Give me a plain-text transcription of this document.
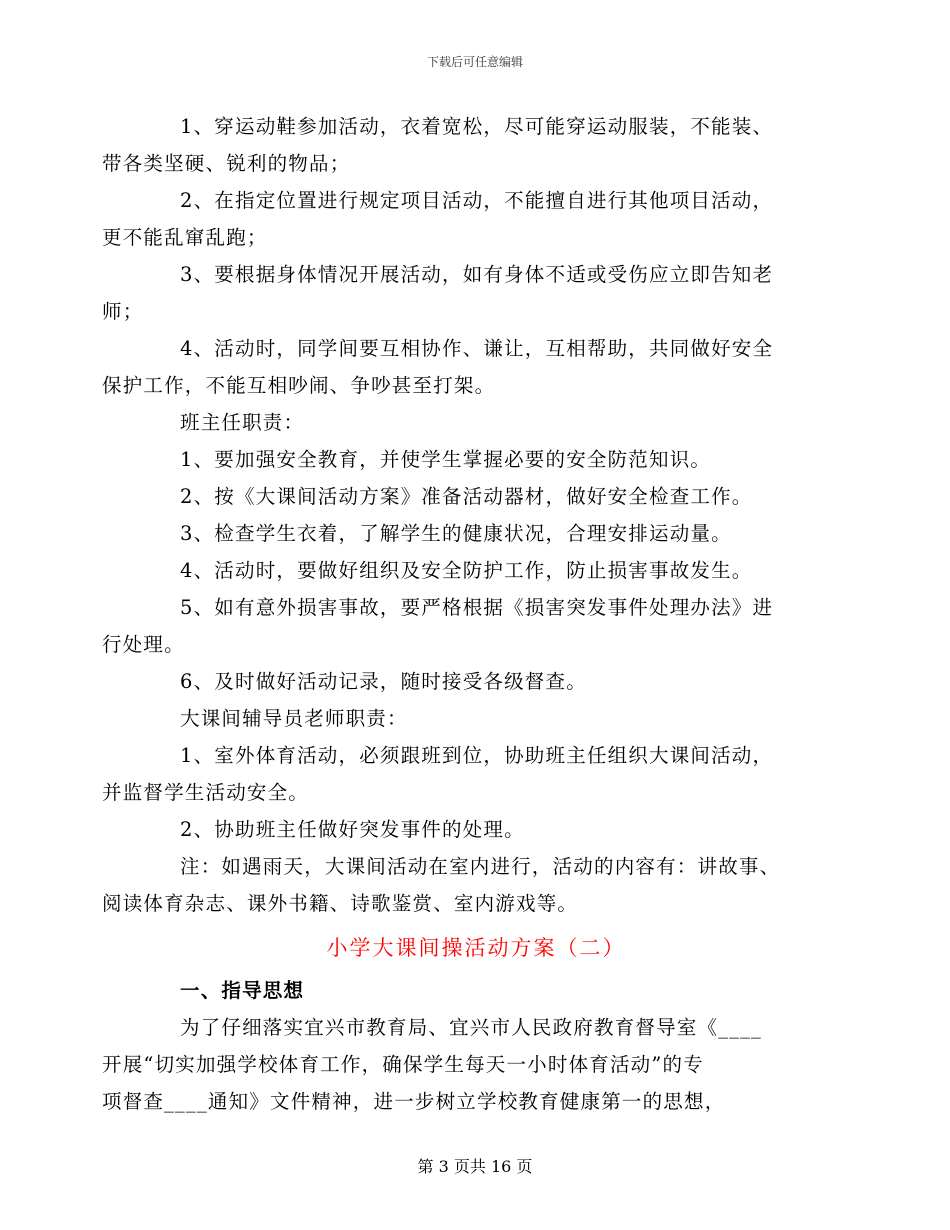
下载后可任意编辑

1、穿运动鞋参加活动，衣着宽松，尽可能穿运动服装，不能装、
带各类坚硬、锐利的物品；

2、在指定位置进行规定项目活动，不能擅自进行其他项目活动，
更不能乱窜乱跑；

3、要根据身体情况开展活动，如有身体不适或受伤应立即告知老
师；

4、活动时，同学间要互相协作、谦让，互相帮助，共同做好安全
保护工作，不能互相吵闹、争吵甚至打架。

班主任职责：

1、要加强安全教育，并使学生掌握必要的安全防范知识。

2、按《大课间活动方案》准备活动器材，做好安全检查工作。

3、检查学生衣着，了解学生的健康状况，合理安排运动量。

4、活动时，要做好组织及安全防护工作，防止损害事故发生。

5、如有意外损害事故，要严格根据《损害突发事件处理办法》进
行处理。

6、及时做好活动记录，随时接受各级督查。

大课间辅导员老师职责：

1、室外体育活动，必须跟班到位，协助班主任组织大课间活动，
并监督学生活动安全。

2、协助班主任做好突发事件的处理。

注：如遇雨天，大课间活动在室内进行，活动的内容有：讲故事、
阅读体育杂志、课外书籍、诗歌鉴赏、室内游戏等。

小学大课间操活动方案（二）

一、指导思想

为了仔细落实宜兴市教育局、宜兴市人民政府教育督导室《____
开展“切实加强学校体育工作，确保学生每天一小时体育活动”的专
项督查____通知》文件精神，进一步树立学校教育健康第一的思想，

第 3 页共 16 页
